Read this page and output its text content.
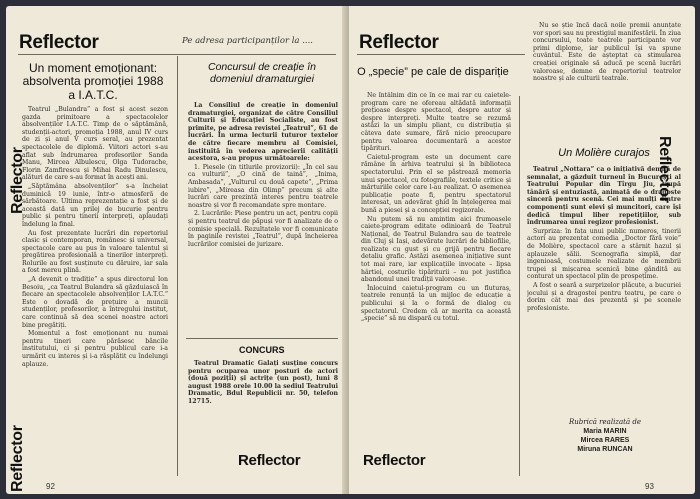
Reflector	Pe adresa participanților la ....
Un moment emoționant: absolventa promoției 1988 a I.A.T.C.

Teatrul „Bulandra” a fost și acest sezon gazda primitoare a spectacolelor absolvenților I.A.T.C. Timp de o săptămână, studenții-actori, promoția 1988, anul IV curs de zi și anul V curs seral, au prezentat spectacolele de diplomă. Viitori actori s-au aflat sub îndrumarea profesorilor Sanda Manu, Mircea Albulescu, Olga Tudorache, Florin Zamfirescu și Mihai Radu Dinulescu, alături de care s-au format în acești ani.

„Săptămâna absolvenților” s-a încheiat duminică 19 iunie, într-o atmosferă de sărbătoare. Ultima reprezentație a fost și de această dată un prilej de bucurie pentru public și pentru tinerii interpreți, aplaudați îndelung la final.

Au fost prezentate lucrări din repertoriul clasic și contemporan, românesc și universal, spectacole care au pus în valoare talentul și pregătirea profesională a tinerilor interpreți. Rolurile au fost susținute cu dăruire, iar sala a fost mereu plină.

„A devenit o tradiție” a spus directorul Ion Besoiu, „ca Teatrul Bulandra să găzduiască în fiecare an spectacolele absolvenților I.A.T.C.” Este o dovadă de prețuire a muncii studenților, profesorilor, a întregului institut, care continuă să dea scenei noastre actori bine pregătiți.

Momentul a fost emoționant nu numai pentru tineri care părăsesc băncile institutului, ci și pentru publicul care i-a urmărit cu interes și i-a răsplătit cu îndelungi aplauze.

Concursul de creație în domeniul dramaturgiei

La Consiliul de creație în domeniul dramaturgiei, organizat de către Consiliul Culturii și Educației Socialiste, au fost primite, pe adresa revistei „Teatrul”, 61 de lucrări. În urma lecturii tuturor textelor de către fiecare membru al Comisiei, instituită în vederea aprecierii calității acestora, s-au propus următoarele:

1. Piesele (in titlurile provizorii): „În cel sau ca vulturii”, „O cină de taină”, „Inima, Ambasada”, „Vulturul cu două capete”, „Prima iubire”, „Mireasa din Olimp” precum și alte lucrări care prezintă interes pentru teatrele noastre și vor fi recomandate spre montare.

2. Lucrările: Piese pentru un act, pentru copii și pentru teatrul de păpuși vor fi analizate de o comisie specială. Rezultatele vor fi comunicate în paginile revistei „Teatrul”, după încheierea lucrărilor comisiei de jurizare.

CONCURS

Teatrul Dramatic Galați susține concurs pentru ocuparea unor posturi de actori (două poziții) și actrițe (un post), luni 8 august 1988 orele 10.00 la sediul Teatrului Dramatic, Bdul Republicii nr. 50, telefon 12715.

Reflector
Reflector	Reflector
92
Reflector

Nu se știe încă dacă noile premii anunțate vor spori sau nu prestigiul manifestării. În ziua concursului, toate teatrele participante vor primi diplome, iar publicul își va spune cuvântul. Este de așteptat ca stimularea creației originale să aducă pe scenă lucrări valoroase, demne de repertoriul teatrelor noastre și ale culturii teatrale.

O „specie” pe cale de dispariție

Ne întâlnim din ce în ce mai rar cu caietele-program care ne ofereau altădată informații prețioase despre spectacol, despre autor și despre interpreți. Multe teatre se rezumă astăzi la un simplu pliant, cu distribuția și câteva date sumare, fără nicio preocupare pentru valoarea documentară a acestor tipărituri.

Caietul-program este un document care rămâne în arhiva teatrului și în biblioteca spectatorului. Prin el se păstrează memoria unui spectacol, cu fotografiile, textele critice și mărturiile celor care l-au realizat. O asemenea publicație poate fi, pentru spectatorul interesat, un adevărat ghid în înțelegerea mai bună a piesei și a concepției regizorale.

Nu putem să nu amintim aici frumoasele caiete-program editate odinioară de Teatrul Național, de Teatrul Bulandra sau de teatrele din Cluj și Iași, adevărate lucrări de bibliofilie, realizate cu gust și cu grijă pentru fiecare detaliu grafic. Astăzi asemenea inițiative sunt tot mai rare, iar explicațiile invocate – lipsa hârtiei, costurile tipăriturii – nu pot justifica abandonul unei tradiții valoroase.

Înlocuind caietul-program cu un fluturaș, teatrele renunță la un mijloc de educație a publicului și la o formă de dialog cu spectatorul. Credem că ar merita ca această „specie” să nu dispară cu totul.

Un Molière curajos

Teatrul „Nottara” ca o inițiativă demnă de semnalat, a găzduit turneul în București al Teatrului Popular din Tîrgu Jiu, trupă tânără și entuziastă, animată de o dragoste sinceră pentru scenă. Cei mai mulți dintre componenți sunt elevi și muncitori, care își dedică timpul liber repetițiilor, sub îndrumarea unui regizor profesionist.

Surpriza: în fața unui public numeros, tinerii actori au prezentat comedia „Doctor fără voie” de Molière, spectacol care a stârnit hazul și aplauzele sălii. Scenografia simplă, dar ingenioasă, costumele realizate de membrii trupei și mișcarea scenică bine gândită au conturat un spectacol plin de prospețime.

A fost o seară a surprizelor plăcute, a bucuriei jocului și a dragostei pentru teatru, pe care o dorim cât mai des prezentă și pe scenele profesioniste.

Rubrică realizată de
Maria MARIN
Mircea RARES
Miruna RUNCAN
Reflector
Reflector
93
